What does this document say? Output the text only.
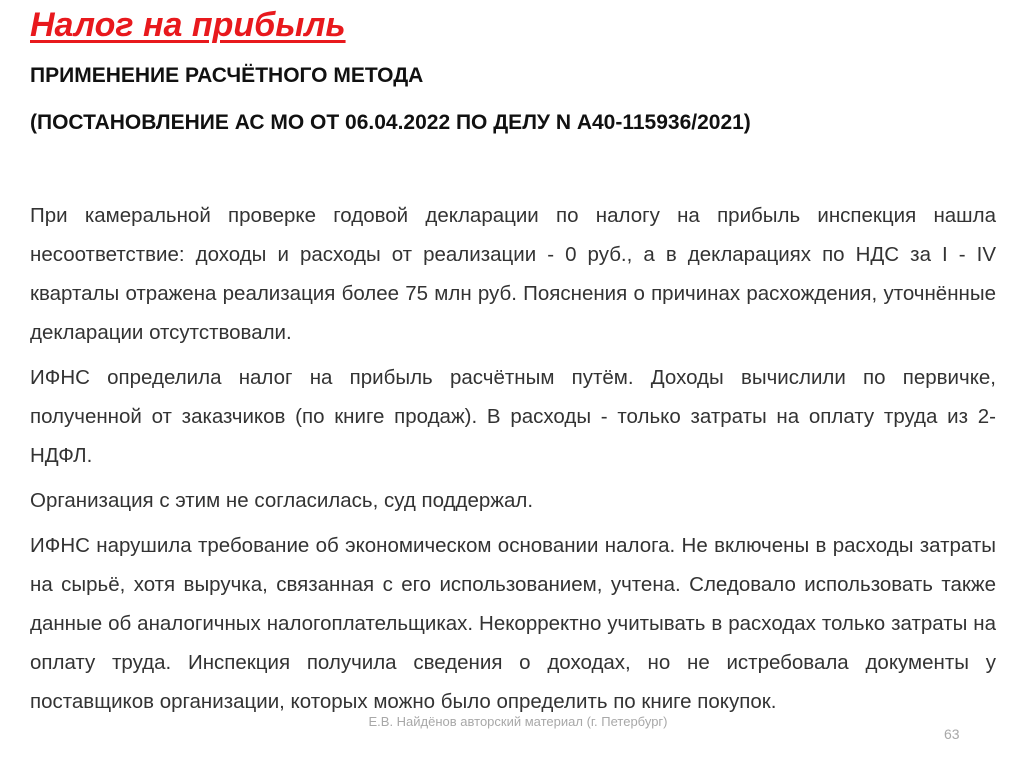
Налог на прибыль
ПРИМЕНЕНИЕ РАСЧЁТНОГО МЕТОДА
(ПОСТАНОВЛЕНИЕ АС МО ОТ 06.04.2022 ПО ДЕЛУ N А40-115936/2021)

При камеральной проверке годовой декларации по налогу на прибыль инспекция нашла несоответствие: доходы и расходы от реализации - 0 руб., а в декларациях по НДС за I - IV кварталы отражена реализация более 75 млн руб. Пояснения о причинах расхождения, уточнённые декларации отсутствовали.

ИФНС определила налог на прибыль расчётным путём. Доходы вычислили по первичке, полученной от заказчиков (по книге продаж). В расходы - только затраты на оплату труда из 2-НДФЛ.

Организация с этим не согласилась, суд поддержал.

ИФНС нарушила требование об экономическом основании налога. Не включены в расходы затраты на сырьё, хотя выручка, связанная с его использованием, учтена. Следовало использовать также данные об аналогичных налогоплательщиках. Некорректно учитывать в расходах только затраты на оплату труда. Инспекция получила сведения о доходах, но не истребовала документы у поставщиков организации, которых можно было определить по книге покупок.

Е.В. Найдёнов авторский материал (г. Петербург)
63
